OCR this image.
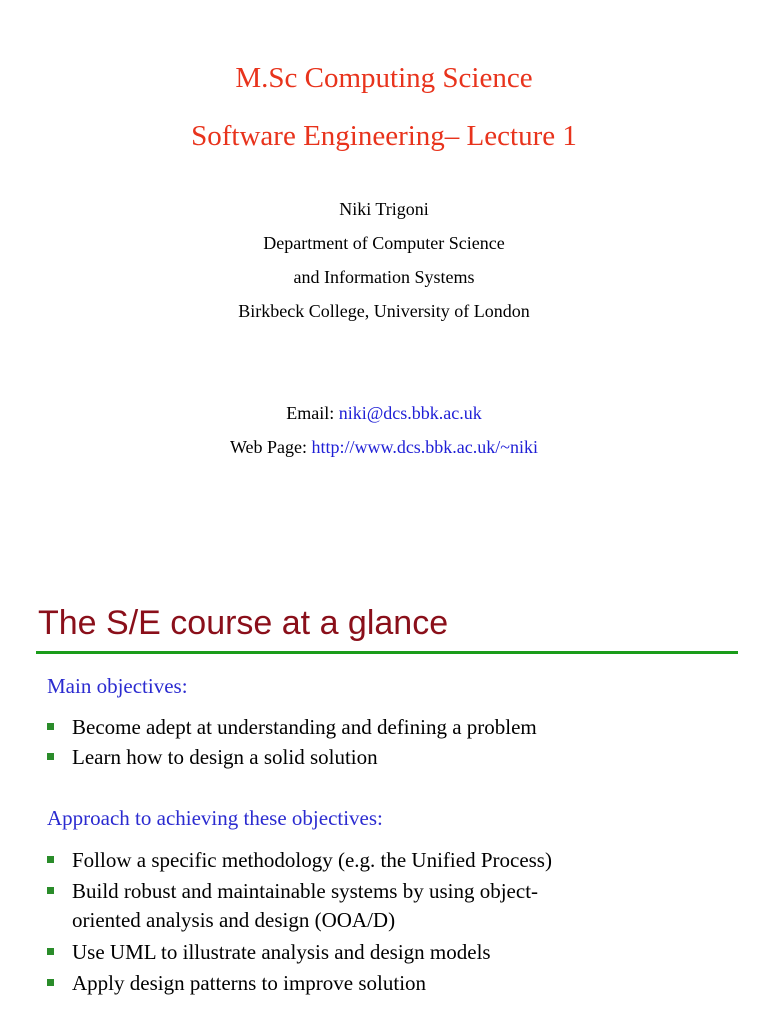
M.Sc Computing Science
Software Engineering– Lecture 1
Niki Trigoni
Department of Computer Science
and Information Systems
Birkbeck College, University of London
Email: niki@dcs.bbk.ac.uk
Web Page: http://www.dcs.bbk.ac.uk/~niki
The S/E course at a glance
Main objectives:
Become adept at understanding and defining a problem
Learn how to design a solid solution
Approach to achieving these objectives:
Follow a specific methodology (e.g. the Unified Process)
Build robust and maintainable systems by using object-
oriented analysis and design (OOA/D)
Use UML to illustrate analysis and design models
Apply design patterns to improve solution
